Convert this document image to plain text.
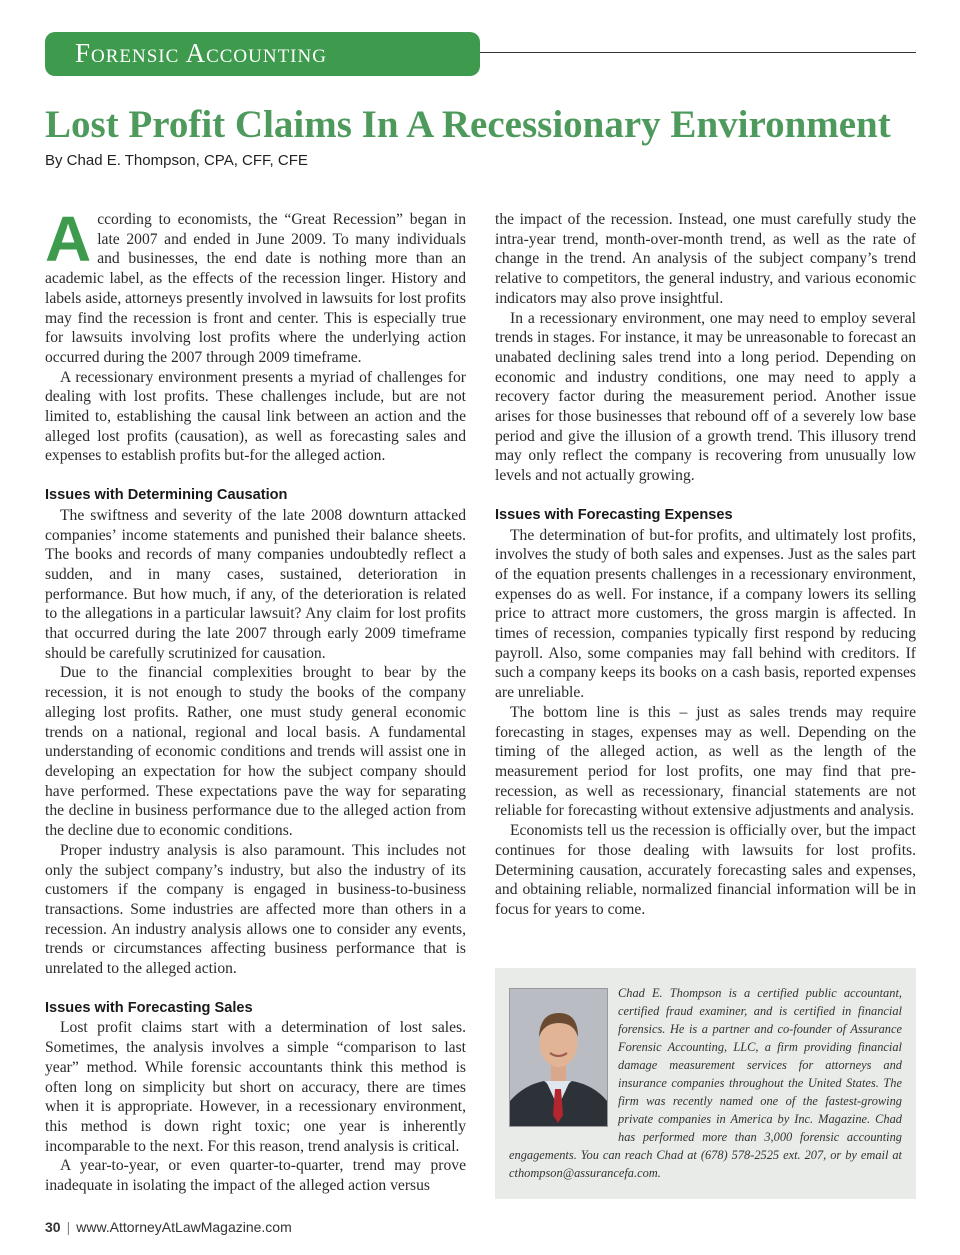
Forensic Accounting
Lost Profit Claims In A Recessionary Environment
By Chad E. Thompson, CPA, CFF, CFE

According to economists, the “Great Recession” began in late 2007 and ended in June 2009. To many individuals and businesses, the end date is nothing more than an academic label, as the effects of the recession linger. History and labels aside, attorneys presently involved in lawsuits for lost profits may find the recession is front and center. This is especially true for lawsuits involving lost profits where the underlying action occurred during the 2007 through 2009 timeframe.

A recessionary environment presents a myriad of challenges for dealing with lost profits. These challenges include, but are not limited to, establishing the causal link between an action and the alleged lost profits (causation), as well as forecasting sales and expenses to establish profits but-for the alleged action.

Issues with Determining Causation

The swiftness and severity of the late 2008 downturn attacked companies’ income statements and punished their balance sheets. The books and records of many companies undoubtedly reflect a sudden, and in many cases, sustained, deterioration in performance. But how much, if any, of the deterioration is related to the allegations in a particular lawsuit? Any claim for lost profits that occurred during the late 2007 through early 2009 timeframe should be carefully scrutinized for causation.

Due to the financial complexities brought to bear by the recession, it is not enough to study the books of the company alleging lost profits. Rather, one must study general economic trends on a national, regional and local basis. A fundamental understanding of economic conditions and trends will assist one in developing an expectation for how the subject company should have performed. These expectations pave the way for separating the decline in business performance due to the alleged action from the decline due to economic conditions.

Proper industry analysis is also paramount. This includes not only the subject company’s industry, but also the industry of its customers if the company is engaged in business-to-business transactions. Some industries are affected more than others in a recession. An industry analysis allows one to consider any events, trends or circumstances affecting business performance that is unrelated to the alleged action.

Issues with Forecasting Sales

Lost profit claims start with a determination of lost sales. Sometimes, the analysis involves a simple “comparison to last year” method. While forensic accountants think this method is often long on simplicity but short on accuracy, there are times when it is appropriate. However, in a recessionary environment, this method is down right toxic; one year is inherently incomparable to the next. For this reason, trend analysis is critical.

A year-to-year, or even quarter-to-quarter, trend may prove inadequate in isolating the impact of the alleged action versus

the impact of the recession. Instead, one must carefully study the intra-year trend, month-over-month trend, as well as the rate of change in the trend. An analysis of the subject company’s trend relative to competitors, the general industry, and various economic indicators may also prove insightful.

In a recessionary environment, one may need to employ several trends in stages. For instance, it may be unreasonable to forecast an unabated declining sales trend into a long period. Depending on economic and industry conditions, one may need to apply a recovery factor during the measurement period. Another issue arises for those businesses that rebound off of a severely low base period and give the illusion of a growth trend. This illusory trend may only reflect the company is recovering from unusually low levels and not actually growing.

Issues with Forecasting Expenses

The determination of but-for profits, and ultimately lost profits, involves the study of both sales and expenses. Just as the sales part of the equation presents challenges in a recessionary environment, expenses do as well. For instance, if a company lowers its selling price to attract more customers, the gross margin is affected. In times of recession, companies typically first respond by reducing payroll. Also, some companies may fall behind with creditors. If such a company keeps its books on a cash basis, reported expenses are unreliable.

The bottom line is this – just as sales trends may require forecasting in stages, expenses may as well. Depending on the timing of the alleged action, as well as the length of the measurement period for lost profits, one may find that pre-recession, as well as recessionary, financial statements are not reliable for forecasting without extensive adjustments and analysis.

Economists tell us the recession is officially over, but the impact continues for those dealing with lawsuits for lost profits. Determining causation, accurately forecasting sales and expenses, and obtaining reliable, normalized financial information will be in focus for years to come.

Chad E. Thompson is a certified public accountant, certified fraud examiner, and is certified in financial forensics. He is a partner and co-founder of Assurance Forensic Accounting, LLC, a firm providing financial damage measurement services for attorneys and insurance companies throughout the United States. The firm was recently named one of the fastest-growing private companies in America by Inc. Magazine. Chad has performed more than 3,000 forensic accounting engagements. You can reach Chad at (678) 578-2525 ext. 207, or by email at cthompson@assurancefa.com.

30 | www.AttorneyAtLawMagazine.com
